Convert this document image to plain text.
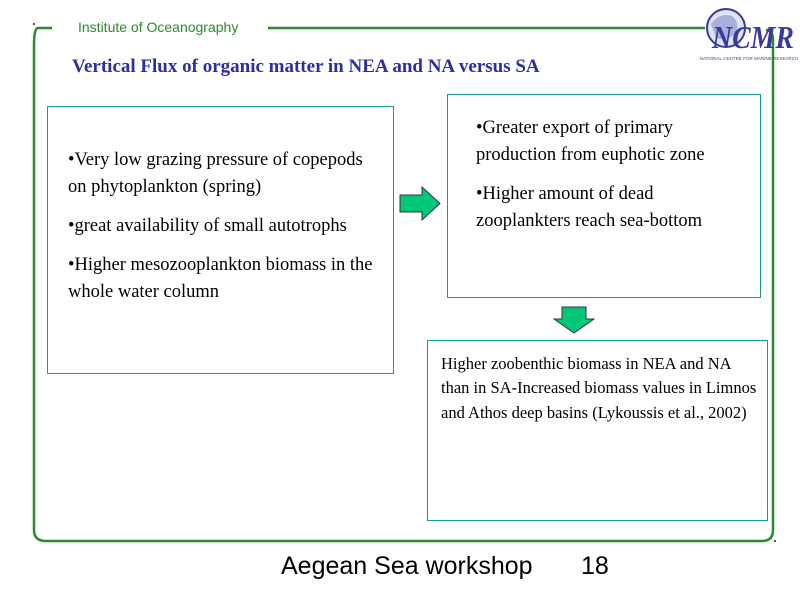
Institute of Oceanography	NCMR
NATIONAL CENTRE FOR MARINE RESEARCH
Vertical Flux of organic matter in NEA and NA versus SA

•Very low grazing pressure of copepods on phytoplankton (spring)

•great availability of small autotrophs

•Higher mesozooplankton biomass in the whole water column

•Greater export of primary production from euphotic zone

•Higher amount of dead zooplankters reach sea-bottom

Higher zoobenthic biomass in NEA and NA than in SA-Increased biomass values in Limnos and Athos deep basins (Lykoussis et al., 2002)

Aegean Sea workshop 18
